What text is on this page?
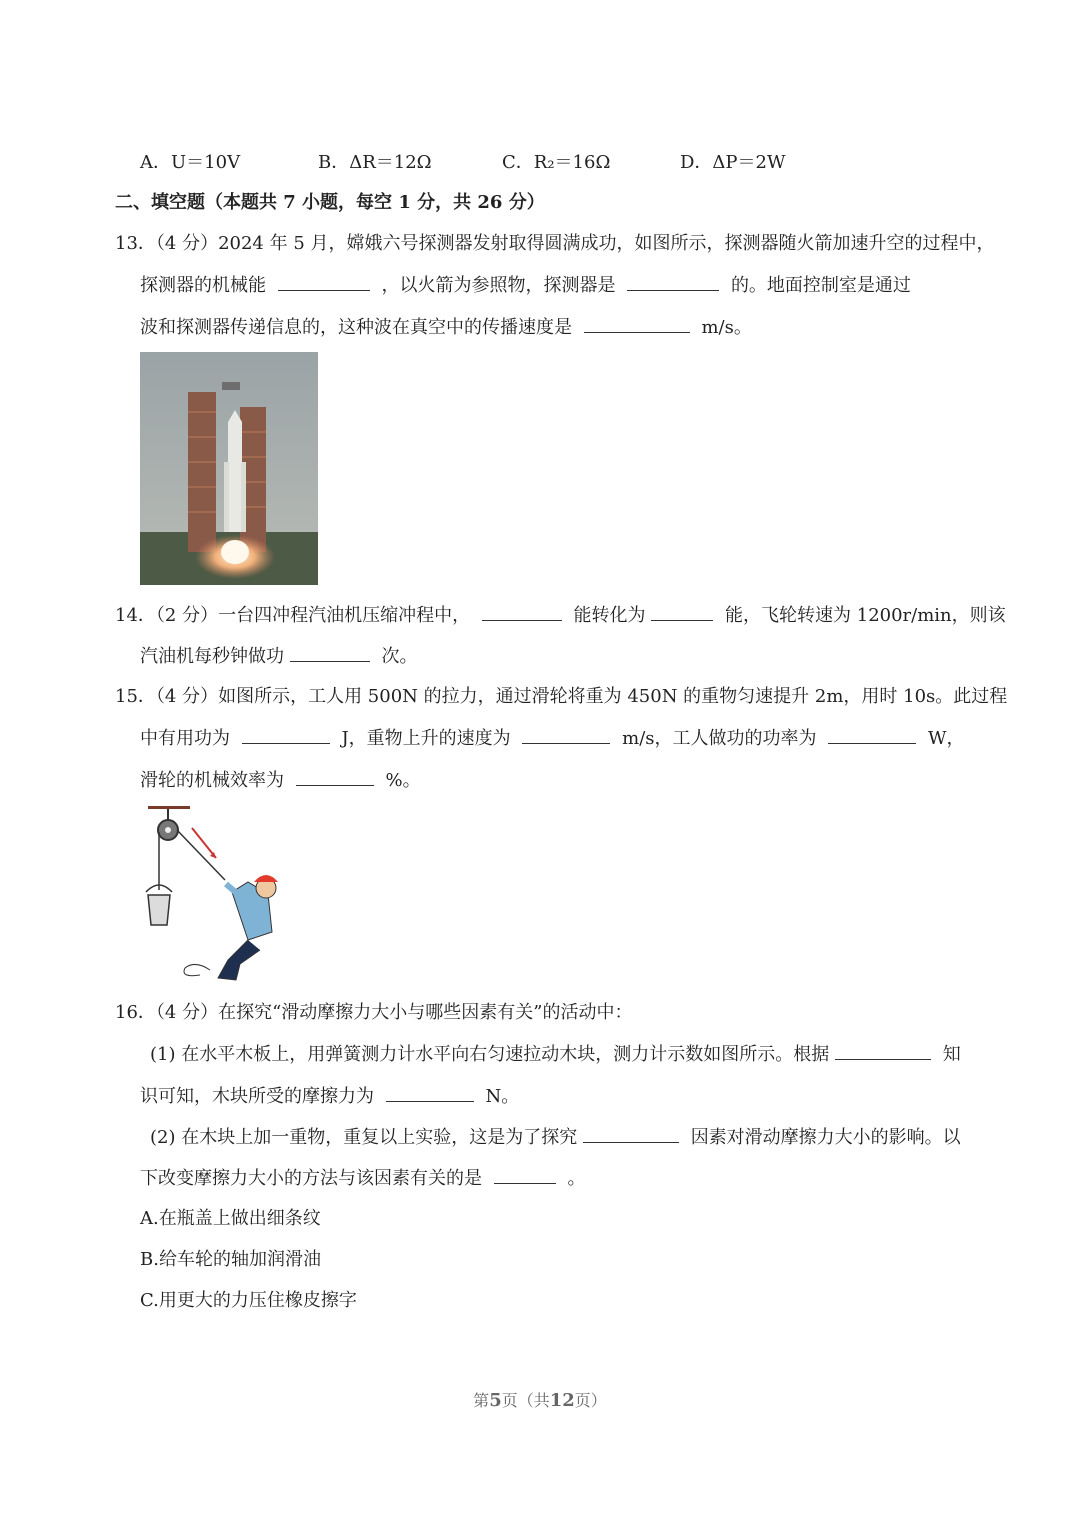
A．U＝10V	B．ΔR＝12Ω	C．R₂＝16Ω	D．ΔP＝2W
二、填空题（本题共 7 小题，每空 1 分，共 26 分）
13．（4 分）2024 年 5 月，嫦娥六号探测器发射取得圆满成功，如图所示，探测器随火箭加速升空的过程中，
探测器的机械能	，以火箭为参照物，探测器是	的。地面控制室是通过
波和探测器传递信息的，这种波在真空中的传播速度是	m/s。
14．（2 分）一台四冲程汽油机压缩冲程中，	能转化为	能，飞轮转速为 1200r/min，则该
汽油机每秒钟做功	次。
15．（4 分）如图所示，工人用 500N 的拉力，通过滑轮将重为 450N 的重物匀速提升 2m，用时 10s。此过程
中有用功为	J，重物上升的速度为	m/s，工人做功的功率为	W，
滑轮的机械效率为	%。
16．（4 分）在探究“滑动摩擦力大小与哪些因素有关”的活动中：
(1) 在水平木板上，用弹簧测力计水平向右匀速拉动木块，测力计示数如图所示。根据	知
识可知，木块所受的摩擦力为	N。
(2) 在木块上加一重物，重复以上实验，这是为了探究	因素对滑动摩擦力大小的影响。以
下改变摩擦力大小的方法与该因素有关的是	。
A.在瓶盖上做出细条纹
B.给车轮的轴加润滑油
C.用更大的力压住橡皮擦字
第5页（共12页）
